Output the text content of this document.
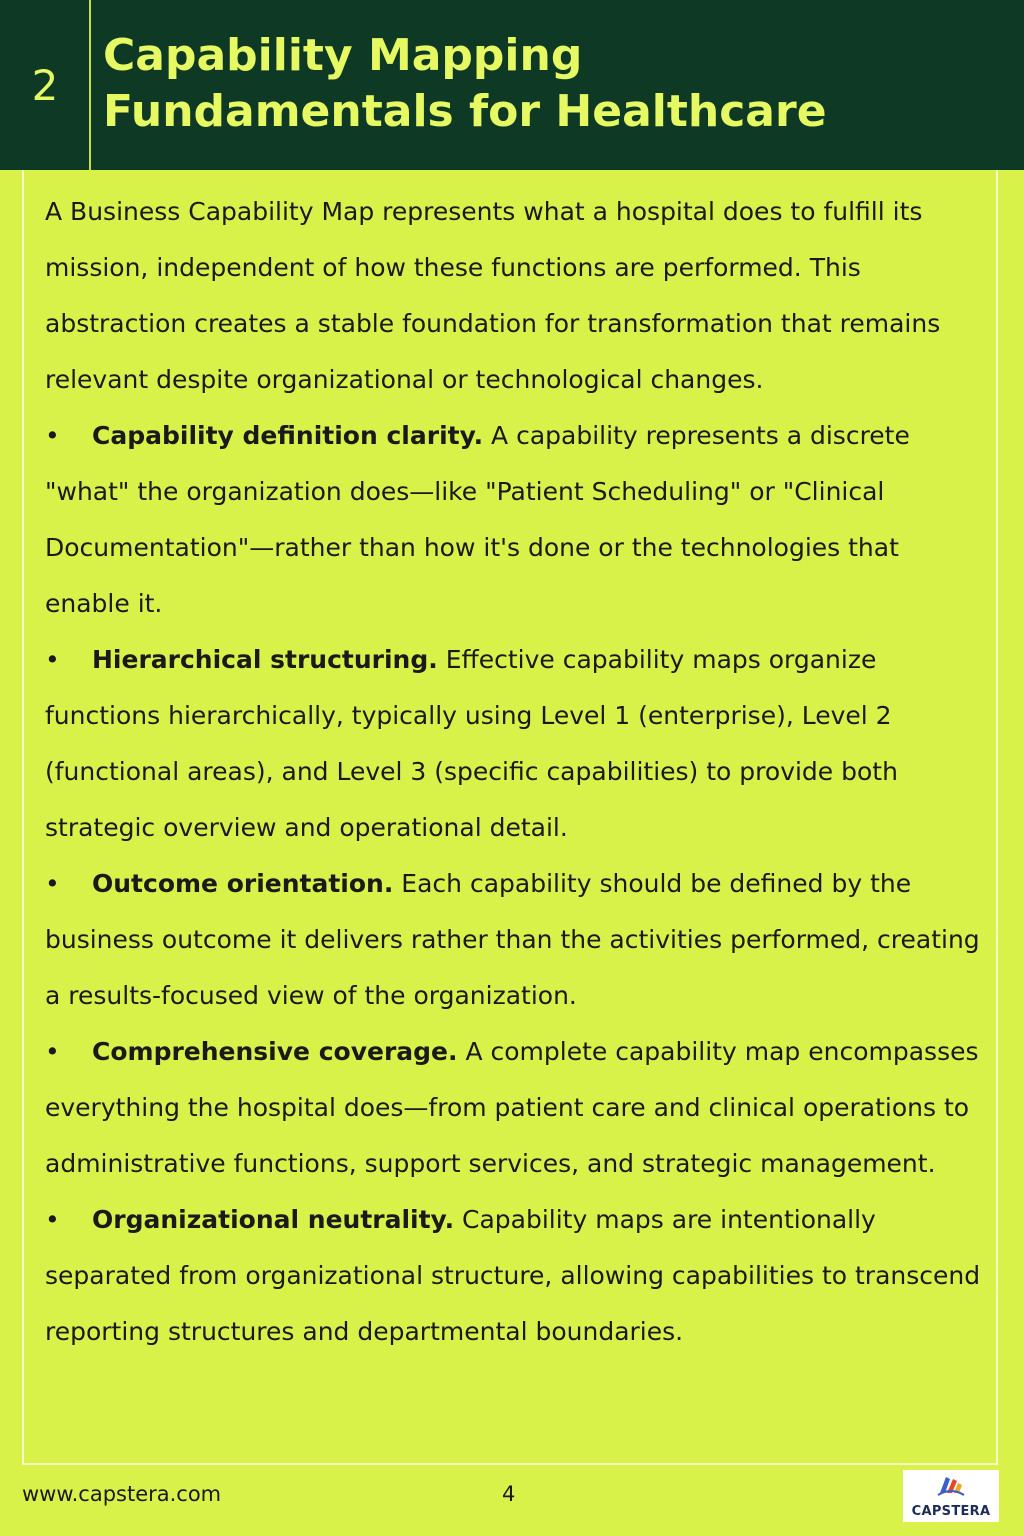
2
Capability Mapping
Fundamentals for Healthcare

A Business Capability Map represents what a hospital does to fulfill its mission, independent of how these functions are performed. This abstraction creates a stable foundation for transformation that remains relevant despite organizational or technological changes.

• Capability definition clarity. A capability represents a discrete "what" the organization does—like "Patient Scheduling" or "Clinical Documentation"—rather than how it's done or the technologies that enable it.

• Hierarchical structuring. Effective capability maps organize functions hierarchically, typically using Level 1 (enterprise), Level 2 (functional areas), and Level 3 (specific capabilities) to provide both strategic overview and operational detail.

• Outcome orientation. Each capability should be defined by the business outcome it delivers rather than the activities performed, creating a results-focused view of the organization.

• Comprehensive coverage. A complete capability map encompasses everything the hospital does—from patient care and clinical operations to administrative functions, support services, and strategic management.

• Organizational neutrality. Capability maps are intentionally separated from organizational structure, allowing capabilities to transcend reporting structures and departmental boundaries.

www.capstera.com	4
CAPSTERA
